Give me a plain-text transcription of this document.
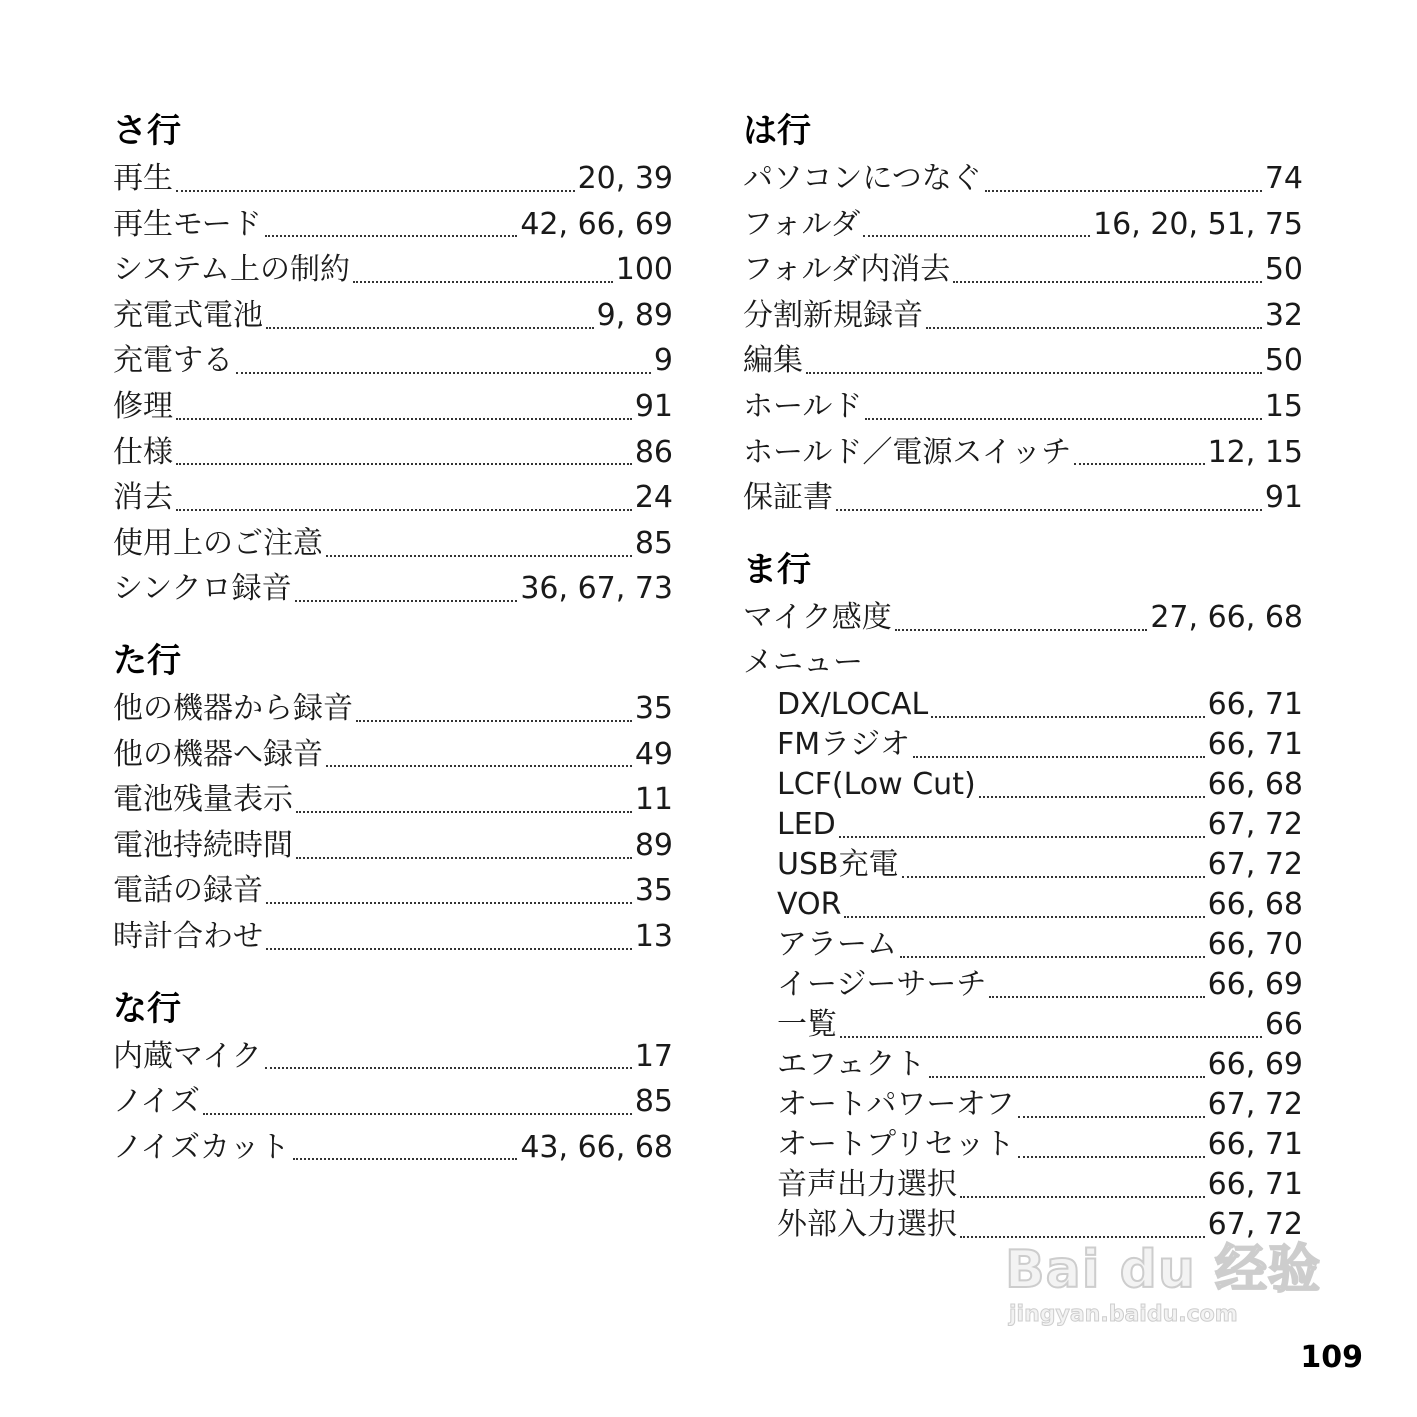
さ行
再生	20, 39
再生モード	42, 66, 69
システム上の制約	100
充電式電池	9, 89
充電する	9
修理	91
仕様	86
消去	24
使用上のご注意	85
シンクロ録音	36, 67, 73
た行
他の機器から録音	35
他の機器へ録音	49
電池残量表示	11
電池持続時間	89
電話の録音	35
時計合わせ	13
な行
内蔵マイク	17
ノイズ	85
ノイズカット	43, 66, 68
は行
パソコンにつなぐ	74
フォルダ	16, 20, 51, 75
フォルダ内消去	50
分割新規録音	32
編集	50
ホールド	15
ホールド／電源スイッチ	12, 15
保証書	91
ま行
マイク感度	27, 66, 68
メニュー
DX/LOCAL	66, 71
FMラジオ	66, 71
LCF(Low Cut)	66, 68
LED	67, 72
USB充電	67, 72
VOR	66, 68
アラーム	66, 70
イージーサーチ	66, 69
一覧	66
エフェクト	66, 69
オートパワーオフ	67, 72
オートプリセット	66, 71
音声出力選択	66, 71
外部入力選択	67, 72
Bai du 经验
jingyan.baidu.com
109
